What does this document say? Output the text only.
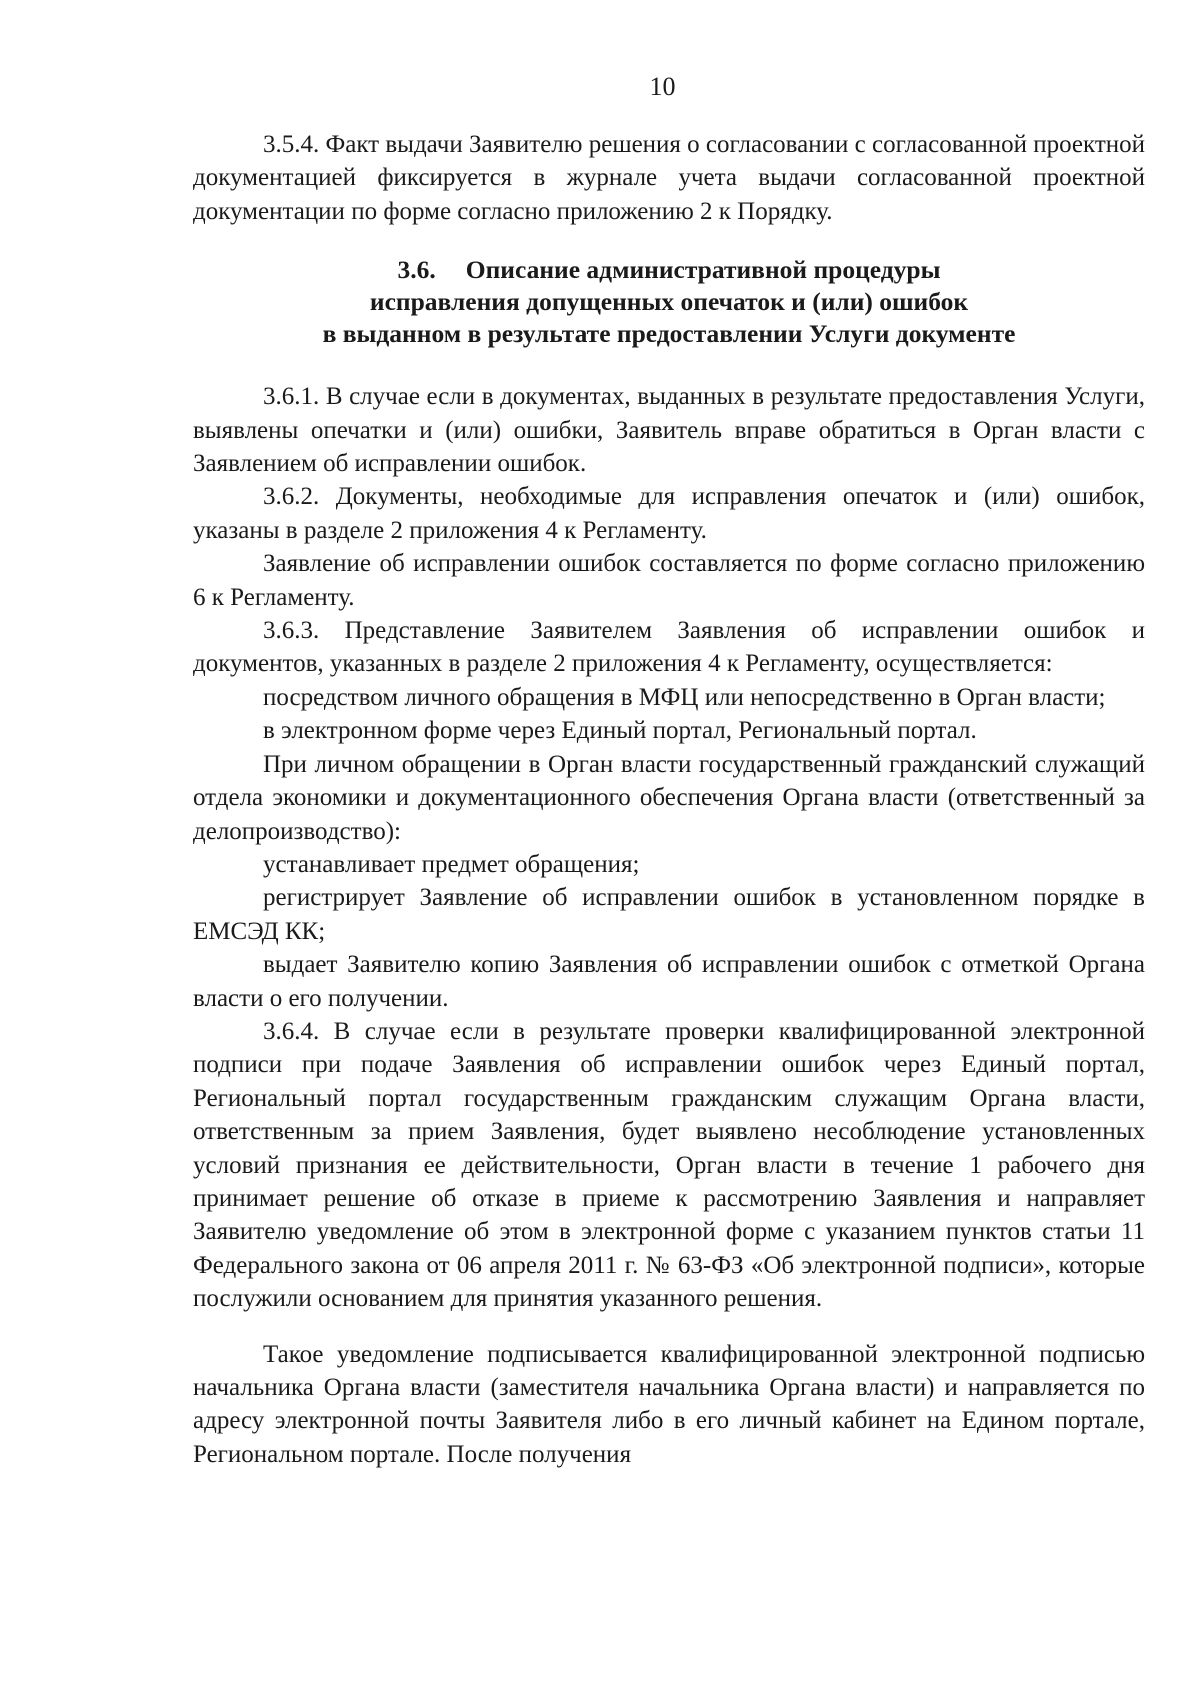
10

3.5.4. Факт выдачи Заявителю решения о согласовании с согласованной проектной документацией фиксируется в журнале учета выдачи согласованной проектной документации по форме согласно приложению 2 к Порядку.

3.6. Описание административной процедуры
исправления допущенных опечаток и (или) ошибок
в выданном в результате предоставлении Услуги документе

3.6.1. В случае если в документах, выданных в результате предоставления Услуги, выявлены опечатки и (или) ошибки, Заявитель вправе обратиться в Орган власти с Заявлением об исправлении ошибок.

3.6.2. Документы, необходимые для исправления опечаток и (или) ошибок, указаны в разделе 2 приложения 4 к Регламенту.

Заявление об исправлении ошибок составляется по форме согласно приложению 6 к Регламенту.

3.6.3. Представление Заявителем Заявления об исправлении ошибок и документов, указанных в разделе 2 приложения 4 к Регламенту, осуществляется:

посредством личного обращения в МФЦ или непосредственно в Орган власти;

в электронном форме через Единый портал, Региональный портал.

При личном обращении в Орган власти государственный гражданский служащий отдела экономики и документационного обеспечения Органа власти (ответственный за делопроизводство):

устанавливает предмет обращения;

регистрирует Заявление об исправлении ошибок в установленном порядке в ЕМСЭД КК;

выдает Заявителю копию Заявления об исправлении ошибок с отметкой Органа власти о его получении.

3.6.4. В случае если в результате проверки квалифицированной электронной подписи при подаче Заявления об исправлении ошибок через Единый портал, Региональный портал государственным гражданским служащим Органа власти, ответственным за прием Заявления, будет выявлено несоблюдение установленных условий признания ее действительности, Орган власти в течение 1 рабочего дня принимает решение об отказе в приеме к рассмотрению Заявления и направляет Заявителю уведомление об этом в электронной форме с указанием пунктов статьи 11 Федерального закона от 06 апреля 2011 г. № 63-ФЗ «Об электронной подписи», которые послужили основанием для принятия указанного решения.

Такое уведомление подписывается квалифицированной электронной подписью начальника Органа власти (заместителя начальника Органа власти) и направляется по адресу электронной почты Заявителя либо в его личный кабинет на Едином портале, Региональном портале. После получения
